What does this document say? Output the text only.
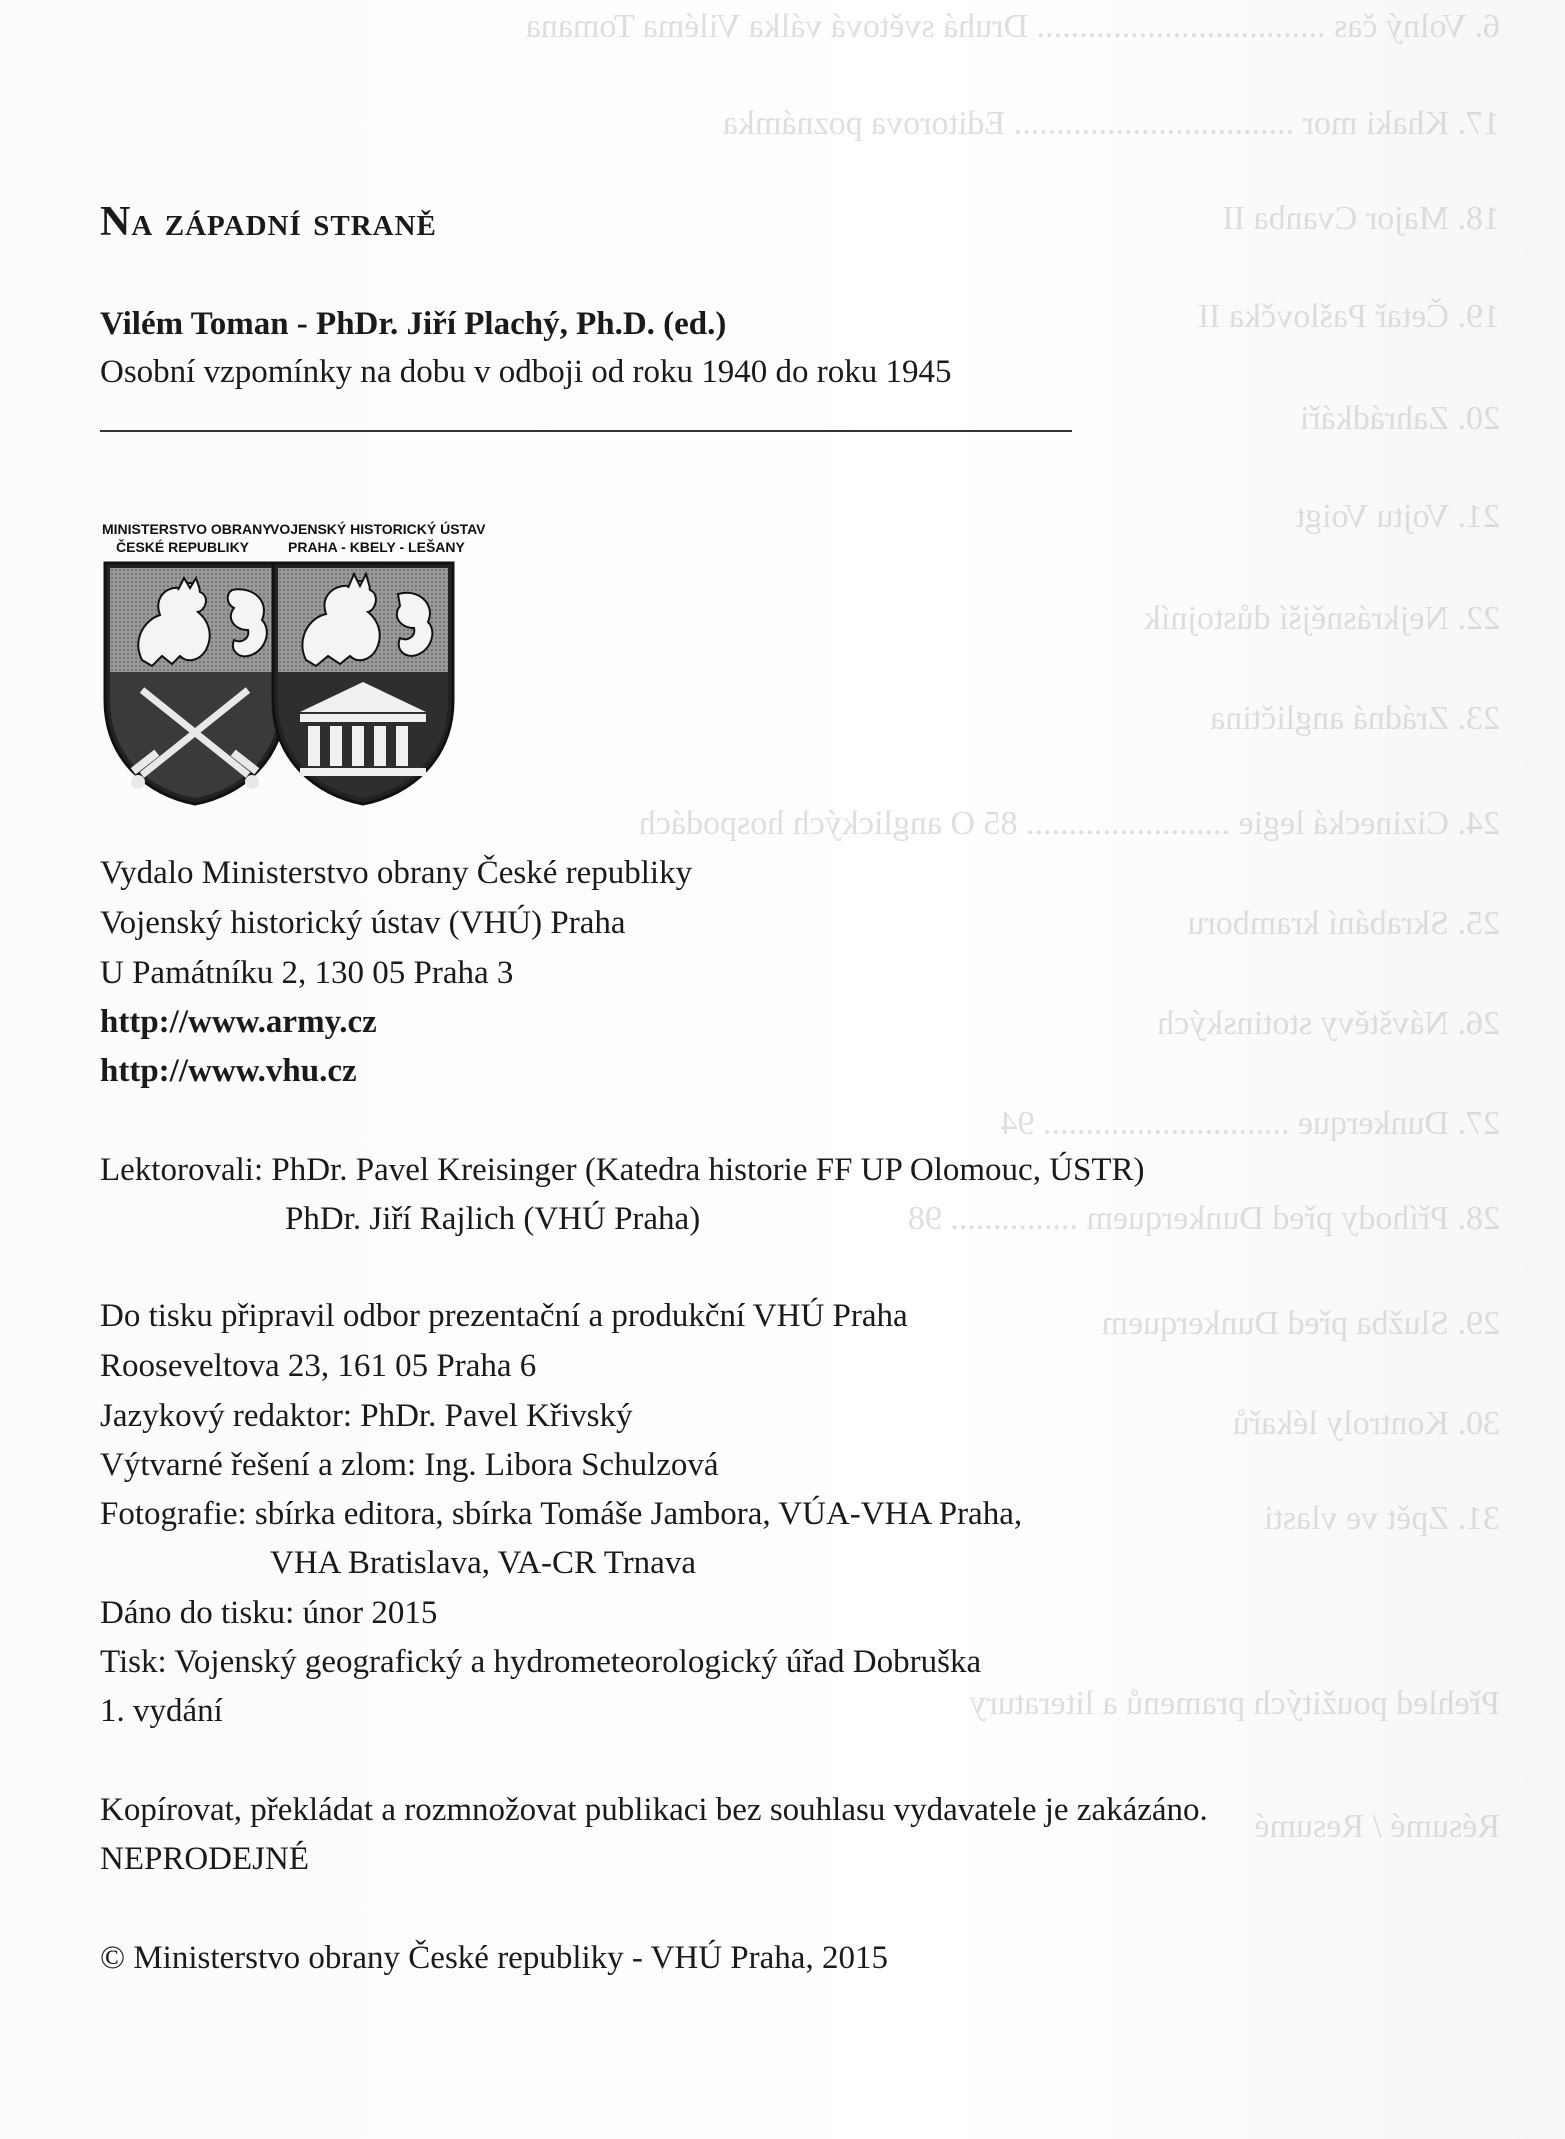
6. Volný čas .................................. Druhá světová válka Viléma Tomana
17. Khaki mor ................................. Editorova poznámka
18. Major Cvanba II
19. Četař Pašlovčka II
20. Zahrádkáři
21. Vojtu Voigt
22. Nejkrásnější důstojník
23. Zrádná angličtina
24. Cizinecká legie ........................ 85 O anglických hospodách
25. Skrabání kramboru
26. Návštěvy stotinských
27. Dunkerque ............................. 94
28. Příhody před Dunkerquem ............... 98
29. Služba před Dunkerquem
30. Kontroly lékařů
31. Zpět ve vlasti
Přehled použitých pramenů a literatury
Résumé / Resumé
Na západní straně

Vilém Toman - PhDr. Jiří Plachý, Ph.D. (ed.)

Osobní vzpomínky na dobu v odboji od roku 1940 do roku 1945

MINISTERSTVO OBRANY
ČESKÉ REPUBLIKY
VOJENSKÝ HISTORICKÝ ÚSTAV
PRAHA - KBELY - LEŠANY

Vydalo Ministerstvo obrany České republiky

Vojenský historický ústav (VHÚ) Praha

U Památníku 2, 130 05 Praha 3

http://www.army.cz

http://www.vhu.cz

Lektorovali: PhDr. Pavel Kreisinger (Katedra historie FF UP Olomouc, ÚSTR)

PhDr. Jiří Rajlich (VHÚ Praha)

Do tisku připravil odbor prezentační a produkční VHÚ Praha

Rooseveltova 23, 161 05 Praha 6

Jazykový redaktor: PhDr. Pavel Křivský

Výtvarné řešení a zlom: Ing. Libora Schulzová

Fotografie: sbírka editora, sbírka Tomáše Jambora, VÚA-VHA Praha,

VHA Bratislava, VA-CR Trnava

Dáno do tisku: únor 2015

Tisk: Vojenský geografický a hydrometeorologický úřad Dobruška

1. vydání

Kopírovat, překládat a rozmnožovat publikaci bez souhlasu vydavatele je zakázáno.

NEPRODEJNÉ

© Ministerstvo obrany České republiky - VHÚ Praha, 2015
